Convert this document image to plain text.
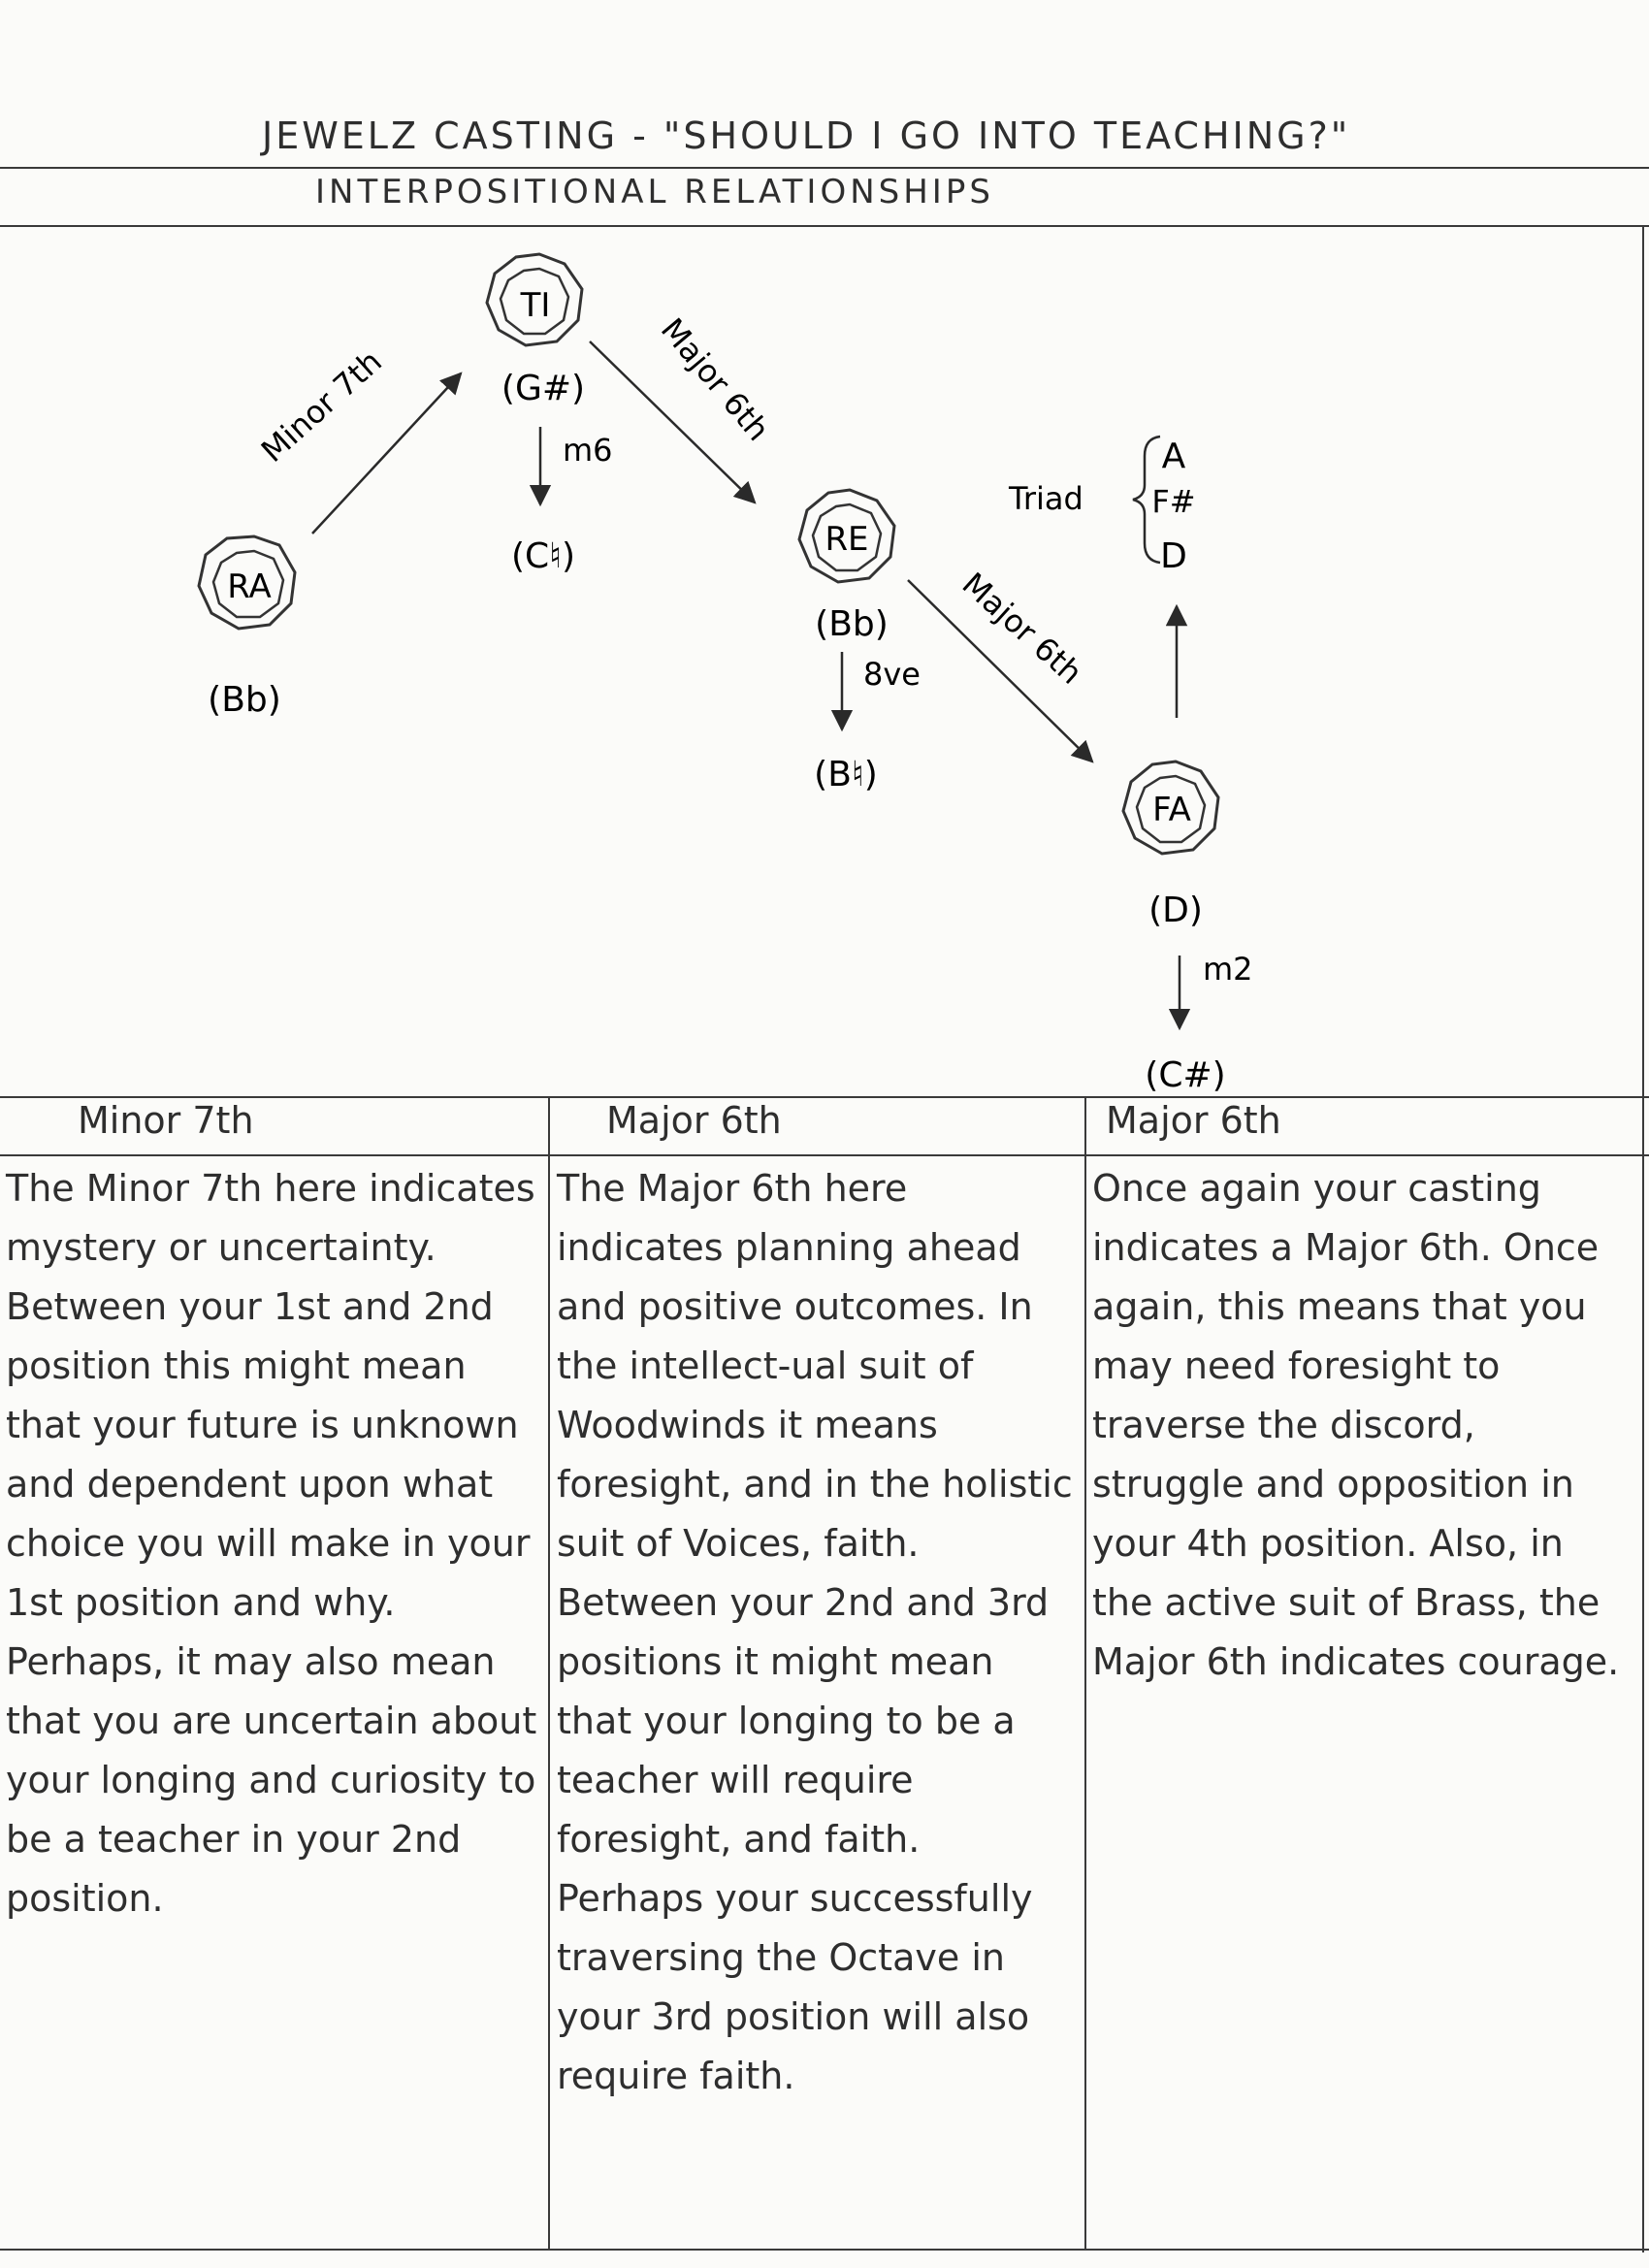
JEWELZ CASTING - "SHOULD I GO INTO TEACHING?"
INTERPOSITIONAL RELATIONSHIPS
RA
(Bb)
TI
(G#)
RE
(Bb)
FA
(D)
Minor 7th	Major 6th
Major 6th
m6
(C♮)
8ve
(B♮)
m2
(C#)
Triad
A
F#
D
Minor 7th
The Minor 7th here indicates mystery or uncertainty. Between your 1st and 2nd position this might mean that your future is unknown and dependent upon what choice you will make in your 1st position and why. Perhaps, it may also mean that you are uncertain about your longing and curiosity to be a teacher in your 2nd position.
Major 6th
The Major 6th here indicates planning ahead and positive outcomes. In the intellect-ual suit of Woodwinds it means foresight, and in the holistic suit of Voices, faith. Between your 2nd and 3rd positions it might mean that your longing to be a teacher will require foresight, and faith. Perhaps your successfully traversing the Octave in your 3rd position will also require faith.
Major 6th
Once again your casting indicates a Major 6th. Once again, this means that you may need foresight to traverse the discord, struggle and opposition in your 4th position. Also, in the active suit of Brass, the Major 6th indicates courage.
